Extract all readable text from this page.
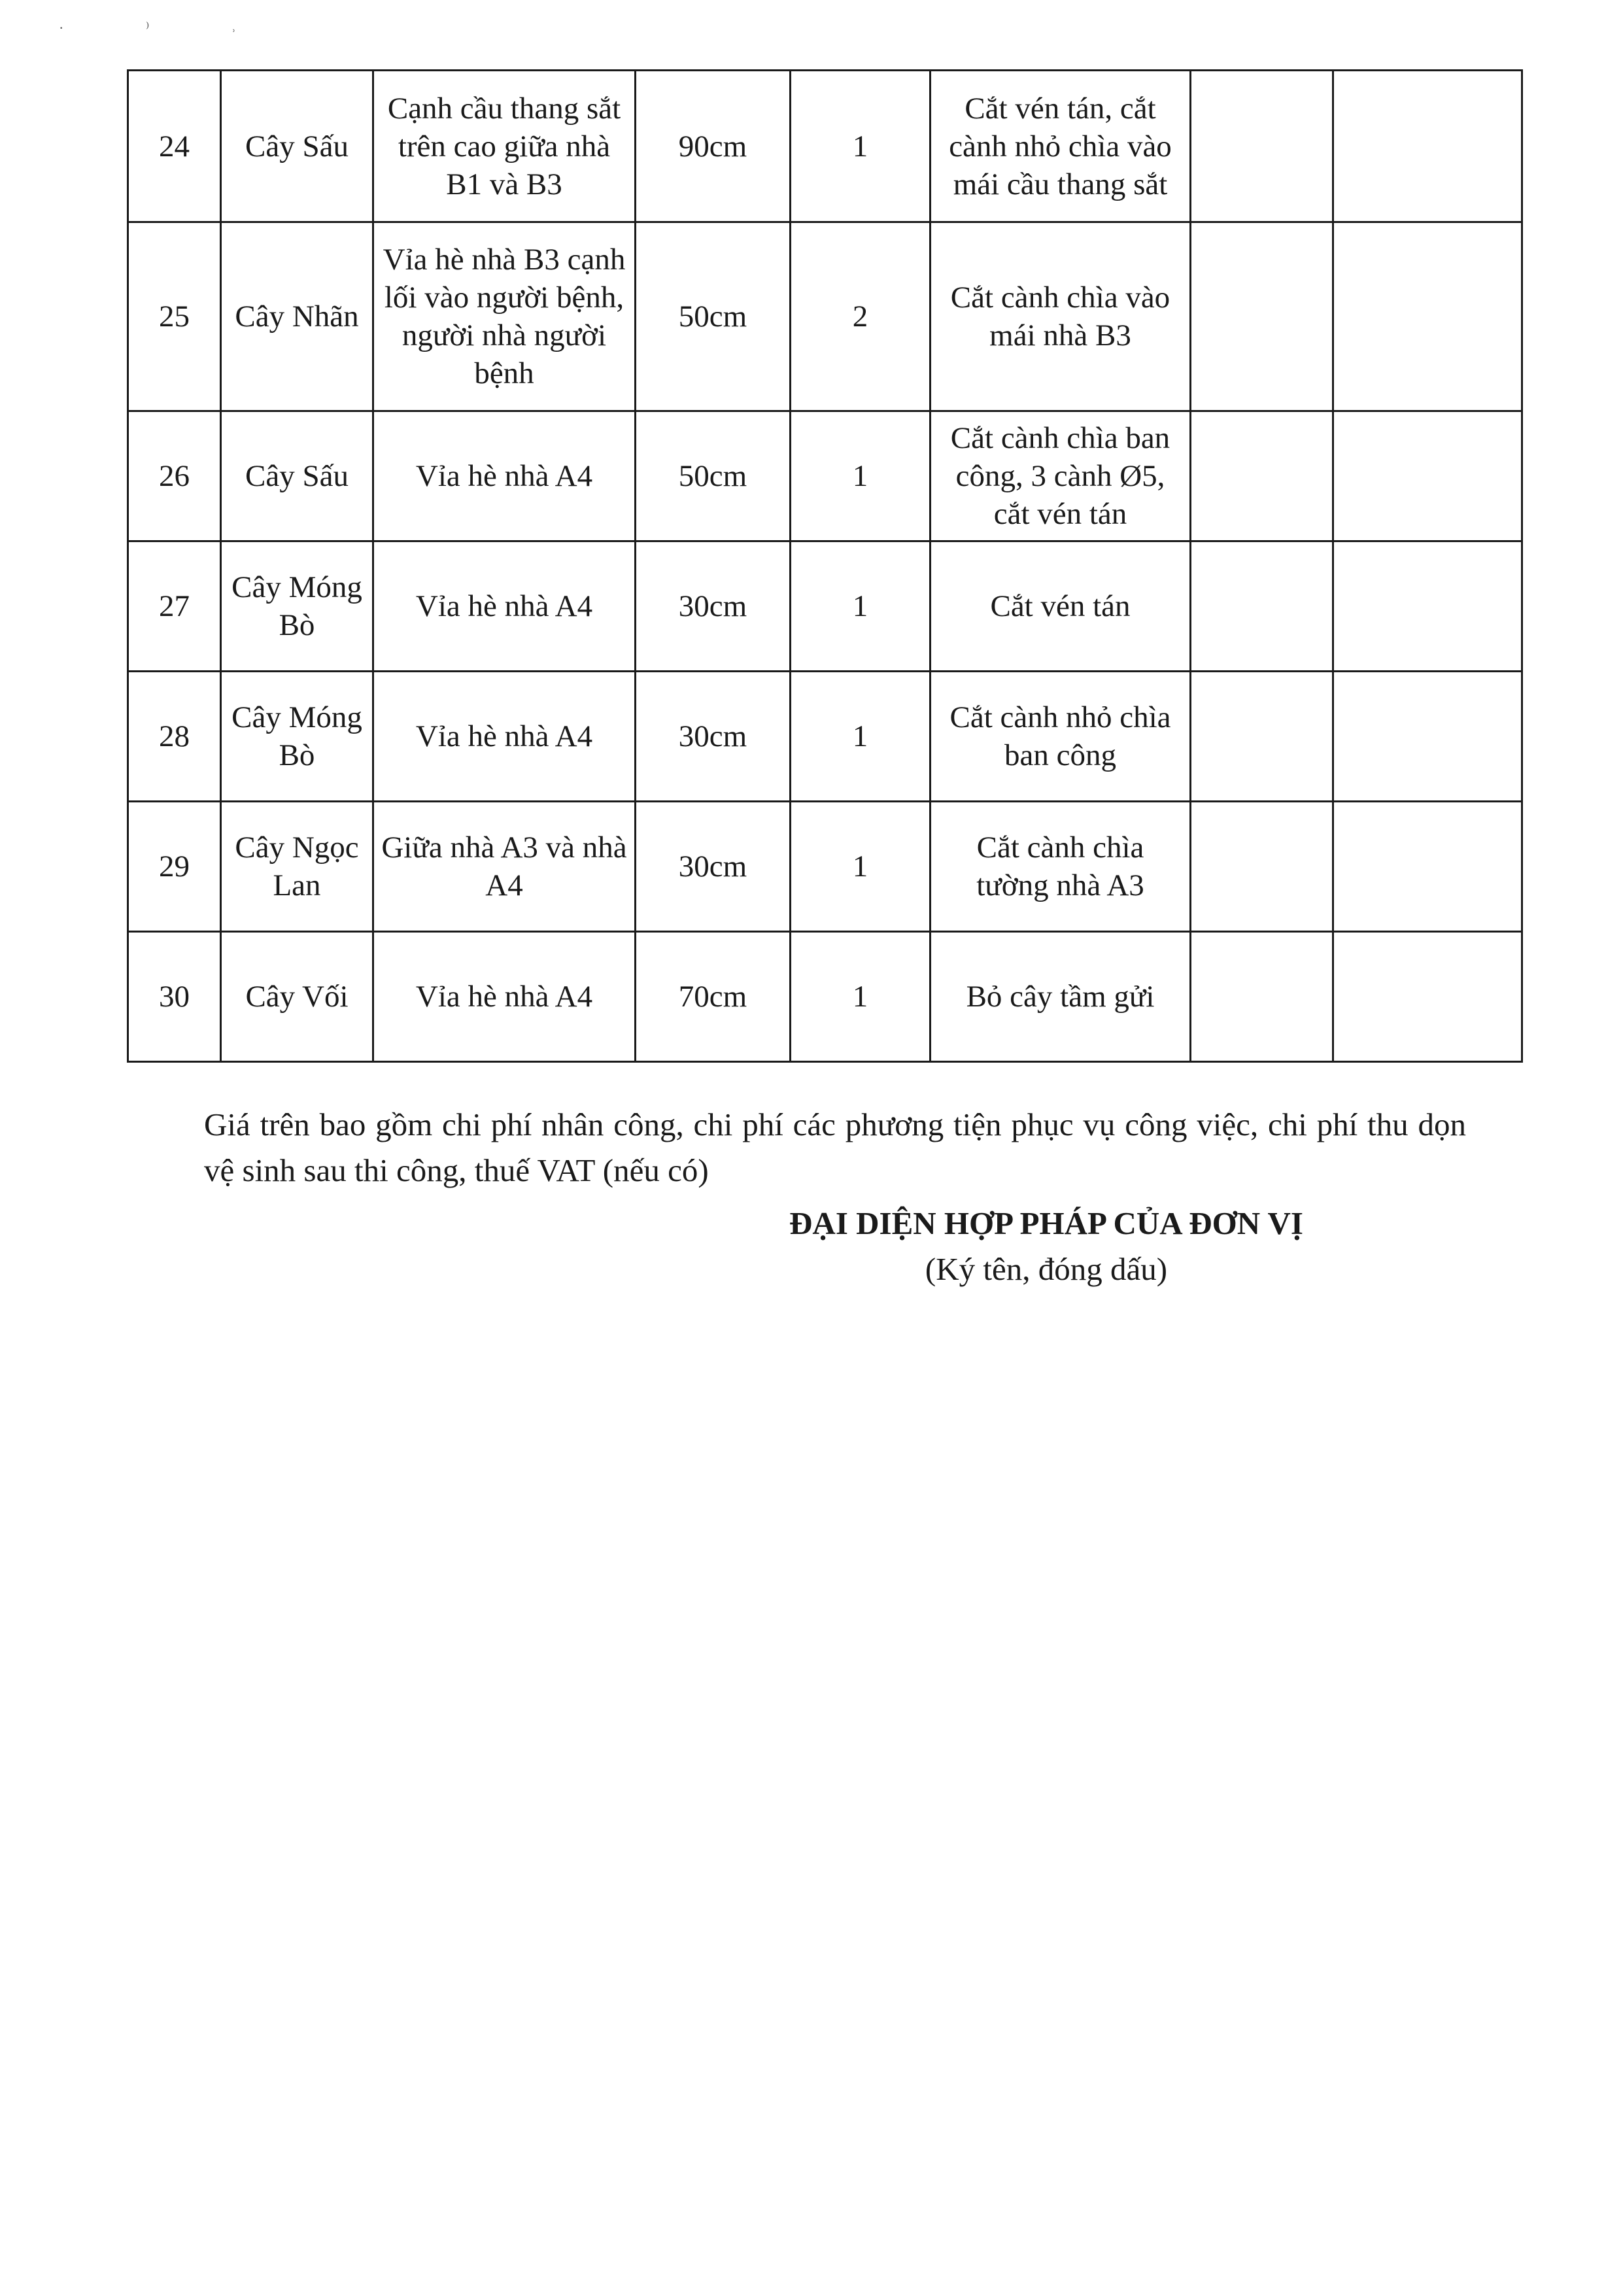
· ⁾ ˒
24	Cây Sấu	Cạnh cầu thang sắt trên cao giữa nhà B1 và B3	90cm	1	Cắt vén tán, cắt cành nhỏ chìa vào mái cầu thang sắt		
25	Cây Nhãn	Vỉa hè nhà B3 cạnh lối vào người bệnh, người nhà người bệnh	50cm	2	Cắt cành chìa vào mái nhà B3		
26	Cây Sấu	Vỉa hè nhà A4	50cm	1	Cắt cành chìa ban công, 3 cành Ø5, cắt vén tán		
27	Cây Móng Bò	Vỉa hè nhà A4	30cm	1	Cắt vén tán		
28	Cây Móng Bò	Vỉa hè nhà A4	30cm	1	Cắt cành nhỏ chìa ban công		
29	Cây Ngọc Lan	Giữa nhà A3 và nhà A4	30cm	1	Cắt cành chìa tường nhà A3		
30	Cây Vối	Vỉa hè nhà A4	70cm	1	Bỏ cây tầm gửi		
Giá trên bao gồm chi phí nhân công, chi phí các phương tiện phục vụ công việc, chi phí thu dọn vệ sinh sau thi công, thuế VAT (nếu có)
ĐẠI DIỆN HỢP PHÁP CỦA ĐƠN VỊ
(Ký tên, đóng dấu)
